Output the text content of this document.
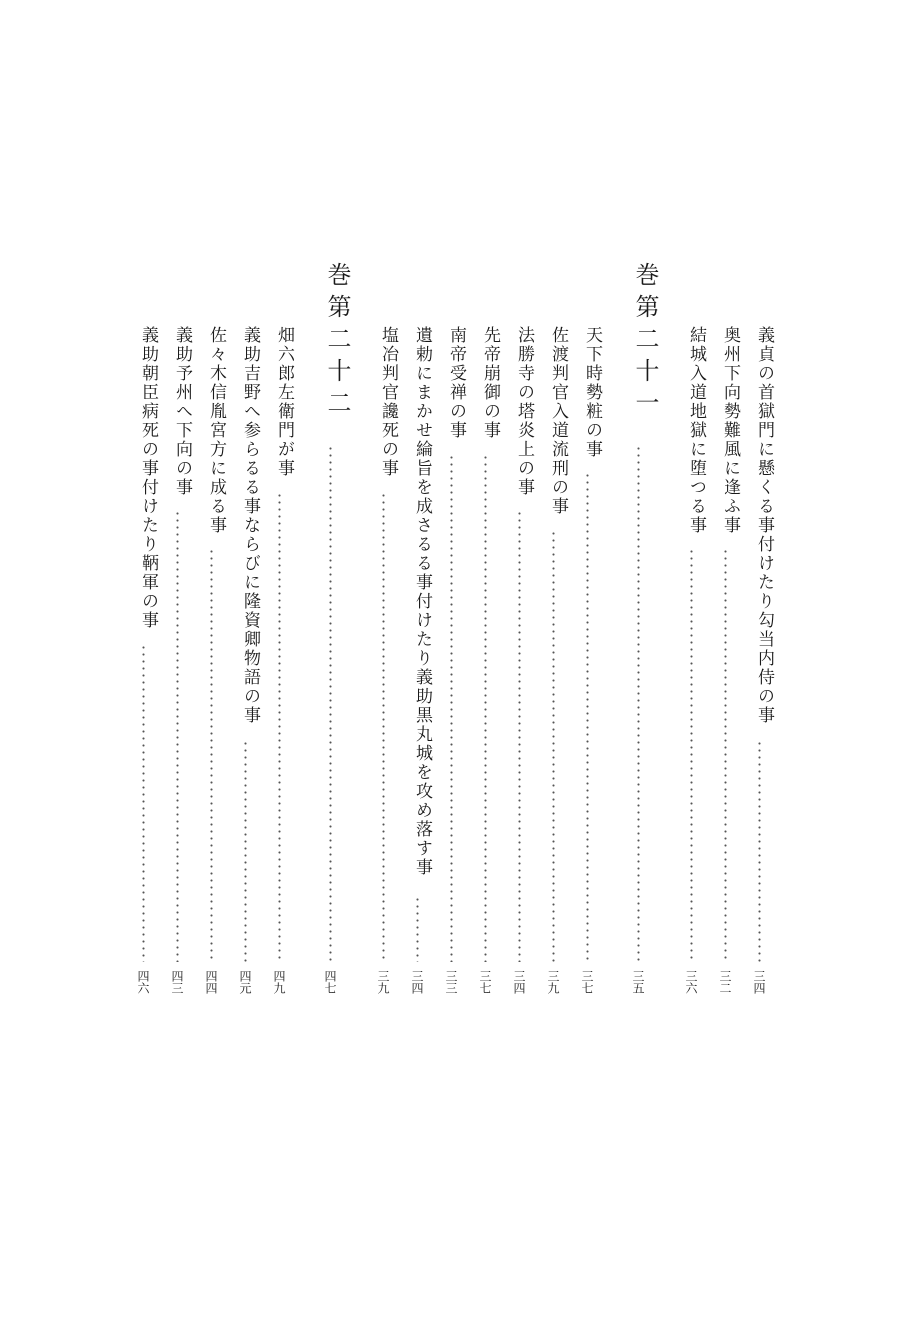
義貞の首獄門に懸くる事付けたり勾当内侍の事
三四
奥州下向勢難風に逢ふ事
三二
結城入道地獄に堕つる事
三六
巻第二十一
三五
天下時勢粧の事
三七
佐渡判官入道流刑の事
三九
法勝寺の塔炎上の事
三四
先帝崩御の事
三七
南帝受禅の事
三三
遺勅にまかせ綸旨を成さるる事付けたり義助黒丸城を攻め落す事
三四
塩冶判官讒死の事
三九
巻第二十二
四七
畑六郎左衛門が事
四九
義助吉野へ参らるる事ならびに隆資卿物語の事
四元
佐々木信胤宮方に成る事
四四
義助予州へ下向の事
四三
義助朝臣病死の事付けたり鞆軍の事
四六
